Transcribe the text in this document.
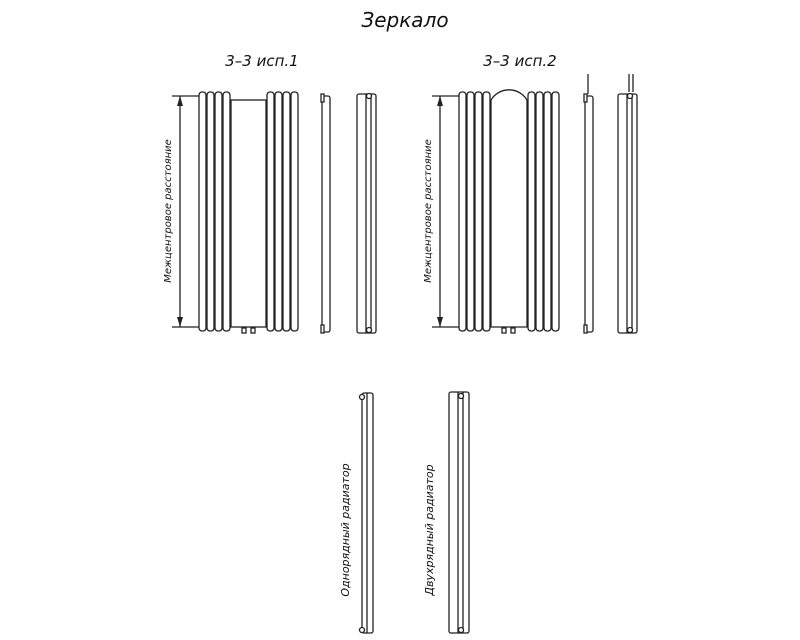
Зеркало
3–3 исп.1
Межцентровое расстояние
3–3 исп.2
Межцентровое расстояние
Однорядный радиатор	Двухрядный радиатор
